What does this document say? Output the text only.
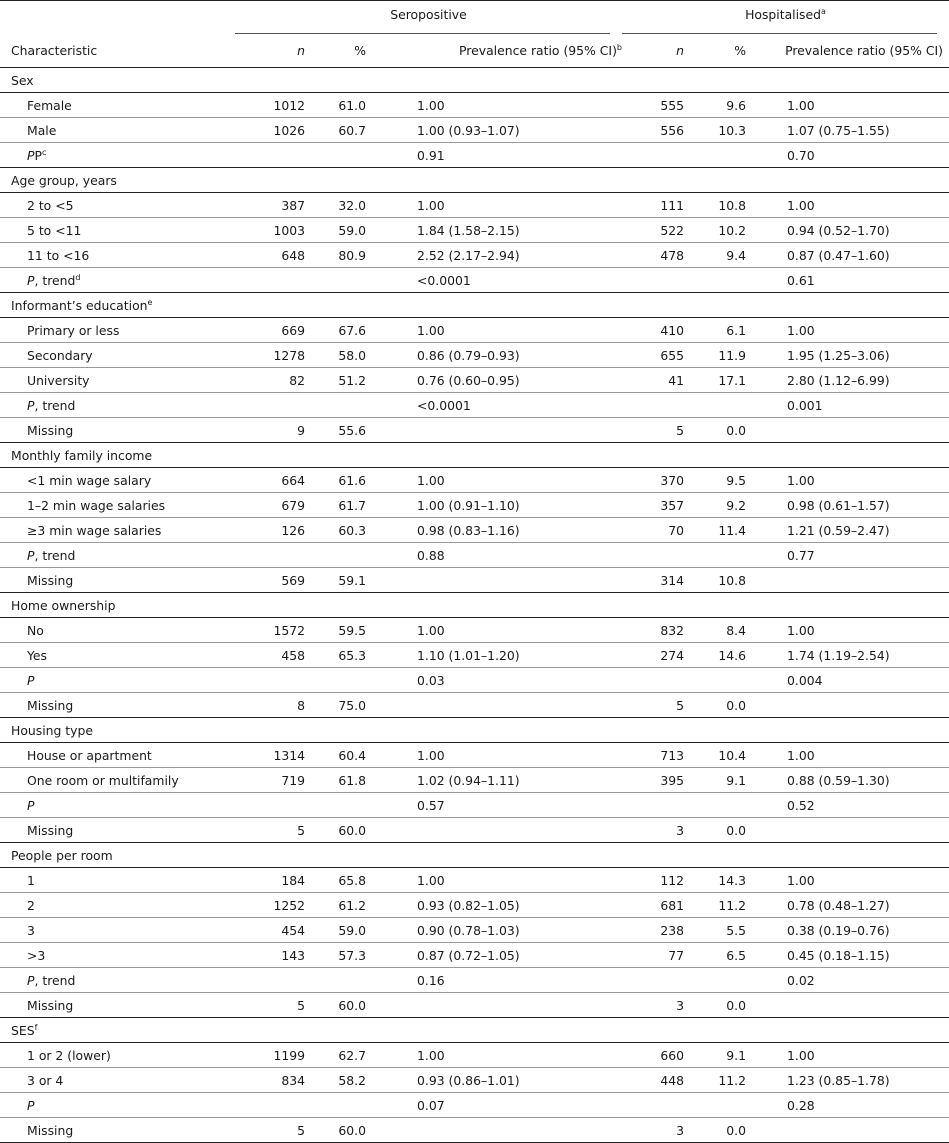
	Seropositive			Hospitalised$^a$
Characteristic	n	%	Prevalence ratio (95% CI)$^b$	n	%	Prevalence ratio (95% CI)
Sex						
Female	1012	61.0	1.00	555	9.6	1.00
Male	1026	60.7	1.00 (0.93–1.07)	556	10.3	1.07 (0.75–1.55)
$PP^c$			0.91			0.70
Age group, years						
2 to <5	387	32.0	1.00	111	10.8	1.00
5 to <11	1003	59.0	1.84 (1.58–2.15)	522	10.2	0.94 (0.52–1.70)
11 to <16	648	80.9	2.52 (2.17–2.94)	478	9.4	0.87 (0.47–1.60)
P, trend$^d$			<0.0001			0.61
Informant’s education$^e$						
Primary or less	669	67.6	1.00	410	6.1	1.00
Secondary	1278	58.0	0.86 (0.79–0.93)	655	11.9	1.95 (1.25–3.06)
University	82	51.2	0.76 (0.60–0.95)	41	17.1	2.80 (1.12–6.99)
P, trend			<0.0001			0.001
Missing	9	55.6		5	0.0	
Monthly family income						
<1 min wage salary	664	61.6	1.00	370	9.5	1.00
1–2 min wage salaries	679	61.7	1.00 (0.91–1.10)	357	9.2	0.98 (0.61–1.57)
≥3 min wage salaries	126	60.3	0.98 (0.83–1.16)	70	11.4	1.21 (0.59–2.47)
P, trend			0.88			0.77
Missing	569	59.1		314	10.8	
Home ownership						
No	1572	59.5	1.00	832	8.4	1.00
Yes	458	65.3	1.10 (1.01–1.20)	274	14.6	1.74 (1.19–2.54)
P			0.03			0.004
Missing	8	75.0		5	0.0	
Housing type						
House or apartment	1314	60.4	1.00	713	10.4	1.00
One room or multifamily	719	61.8	1.02 (0.94–1.11)	395	9.1	0.88 (0.59–1.30)
P			0.57			0.52
Missing	5	60.0		3	0.0	
People per room						
1	184	65.8	1.00	112	14.3	1.00
2	1252	61.2	0.93 (0.82–1.05)	681	11.2	0.78 (0.48–1.27)
3	454	59.0	0.90 (0.78–1.03)	238	5.5	0.38 (0.19–0.76)
>3	143	57.3	0.87 (0.72–1.05)	77	6.5	0.45 (0.18–1.15)
P, trend			0.16			0.02
Missing	5	60.0		3	0.0	
SES$^f$						
1 or 2 (lower)	1199	62.7	1.00	660	9.1	1.00
3 or 4	834	58.2	0.93 (0.86–1.01)	448	11.2	1.23 (0.85–1.78)
P			0.07			0.28
Missing	5	60.0		3	0.0	
